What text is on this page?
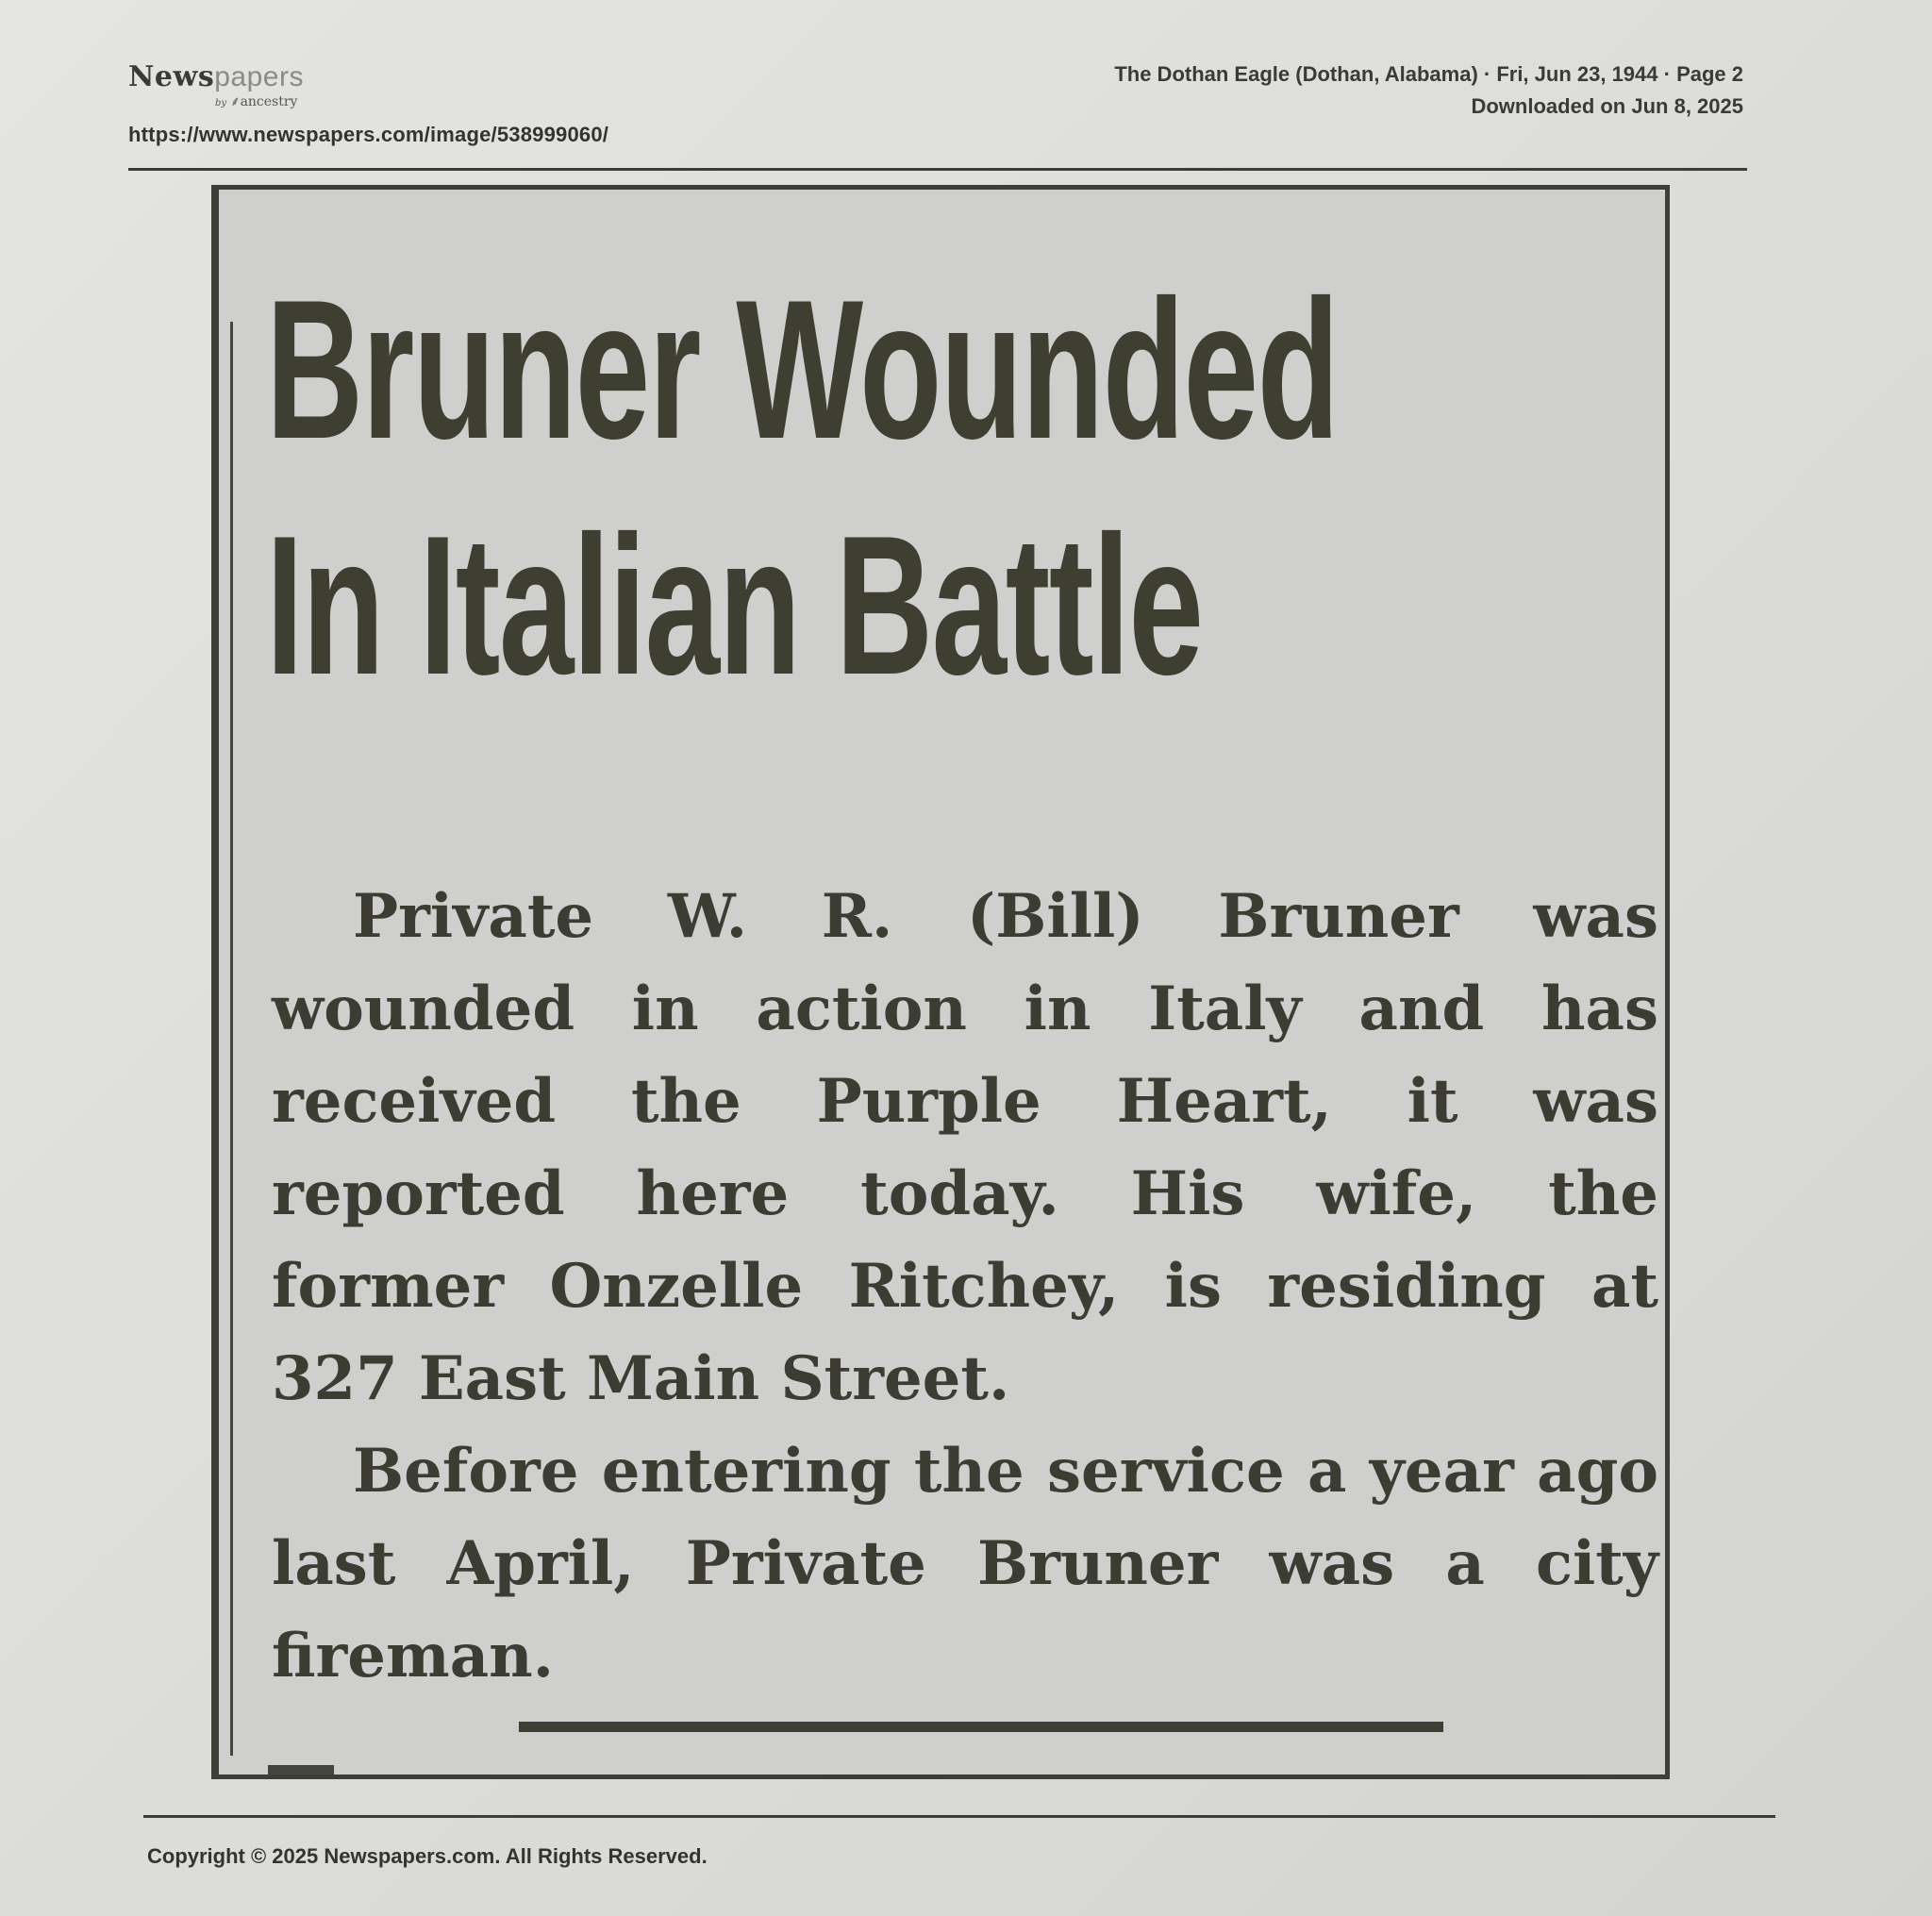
Newspapers
by ⸙ancestry
https://www.newspapers.com/image/538999060/
The Dothan Eagle (Dothan, Alabama) · Fri, Jun 23, 1944 · Page 2
Downloaded on Jun 8, 2025
Bruner Wounded
In Italian Battle

Private W. R. (Bill) Bruner was wounded in action in Italy and has received the Purple Heart, it was reported here today. His wife, the former Onzelle Ritchey, is residing at 327 East Main Street.

Before entering the service a year ago last April, Private Bruner was a city fireman.

Copyright © 2025 Newspapers.com. All Rights Reserved.
